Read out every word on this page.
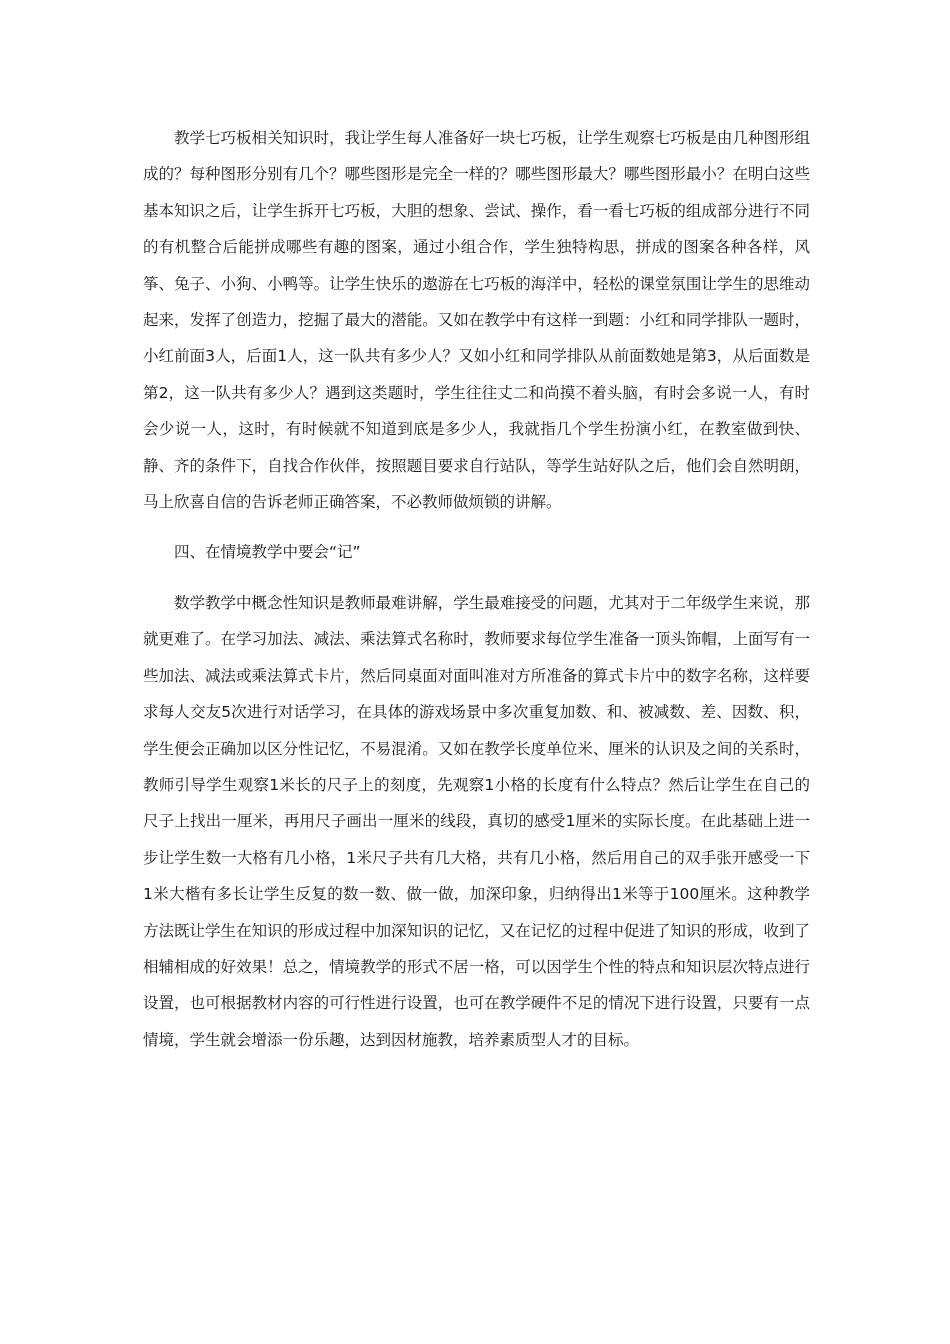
教学七巧板相关知识时，我让学生每人准备好一块七巧板，让学生观察七巧板是由几种图形组成的？每种图形分别有几个？哪些图形是完全一样的？哪些图形最大？哪些图形最小？在明白这些基本知识之后，让学生拆开七巧板，大胆的想象、尝试、操作，看一看七巧板的组成部分进行不同的有机整合后能拼成哪些有趣的图案，通过小组合作，学生独特构思，拼成的图案各种各样，风筝、兔子、小狗、小鸭等。让学生快乐的遨游在七巧板的海洋中，轻松的课堂氛围让学生的思维动起来，发挥了创造力，挖掘了最大的潜能。又如在教学中有这样一到题：小红和同学排队一题时，小红前面3人，后面1人，这一队共有多少人？又如小红和同学排队从前面数她是第3，从后面数是第2，这一队共有多少人？遇到这类题时，学生往往丈二和尚摸不着头脑，有时会多说一人，有时会少说一人，这时，有时候就不知道到底是多少人，我就指几个学生扮演小红，在教室做到快、静、齐的条件下，自找合作伙伴，按照题目要求自行站队，等学生站好队之后，他们会自然明朗，马上欣喜自信的告诉老师正确答案，不必教师做烦锁的讲解。

四、在情境教学中要会“记”

数学教学中概念性知识是教师最难讲解，学生最难接受的问题，尤其对于二年级学生来说，那就更难了。在学习加法、减法、乘法算式名称时，教师要求每位学生准备一顶头饰帽，上面写有一些加法、减法或乘法算式卡片，然后同桌面对面叫准对方所准备的算式卡片中的数字名称，这样要求每人交友5次进行对话学习，在具体的游戏场景中多次重复加数、和、被减数、差、因数、积，学生便会正确加以区分性记忆，不易混淆。又如在教学长度单位米、厘米的认识及之间的关系时，教师引导学生观察1米长的尺子上的刻度，先观察1小格的长度有什么特点？然后让学生在自己的尺子上找出一厘米，再用尺子画出一厘米的线段，真切的感受1厘米的实际长度。在此基础上进一步让学生数一大格有几小格，1米尺子共有几大格，共有几小格，然后用自己的双手张开感受一下1米大楷有多长让学生反复的数一数、做一做，加深印象，归纳得出1米等于100厘米。这种教学方法既让学生在知识的形成过程中加深知识的记忆，又在记忆的过程中促进了知识的形成，收到了相辅相成的好效果！总之，情境教学的形式不居一格，可以因学生个性的特点和知识层次特点进行设置，也可根据教材内容的可行性进行设置，也可在教学硬件不足的情况下进行设置，只要有一点情境，学生就会增添一份乐趣，达到因材施教，培养素质型人才的目标。
